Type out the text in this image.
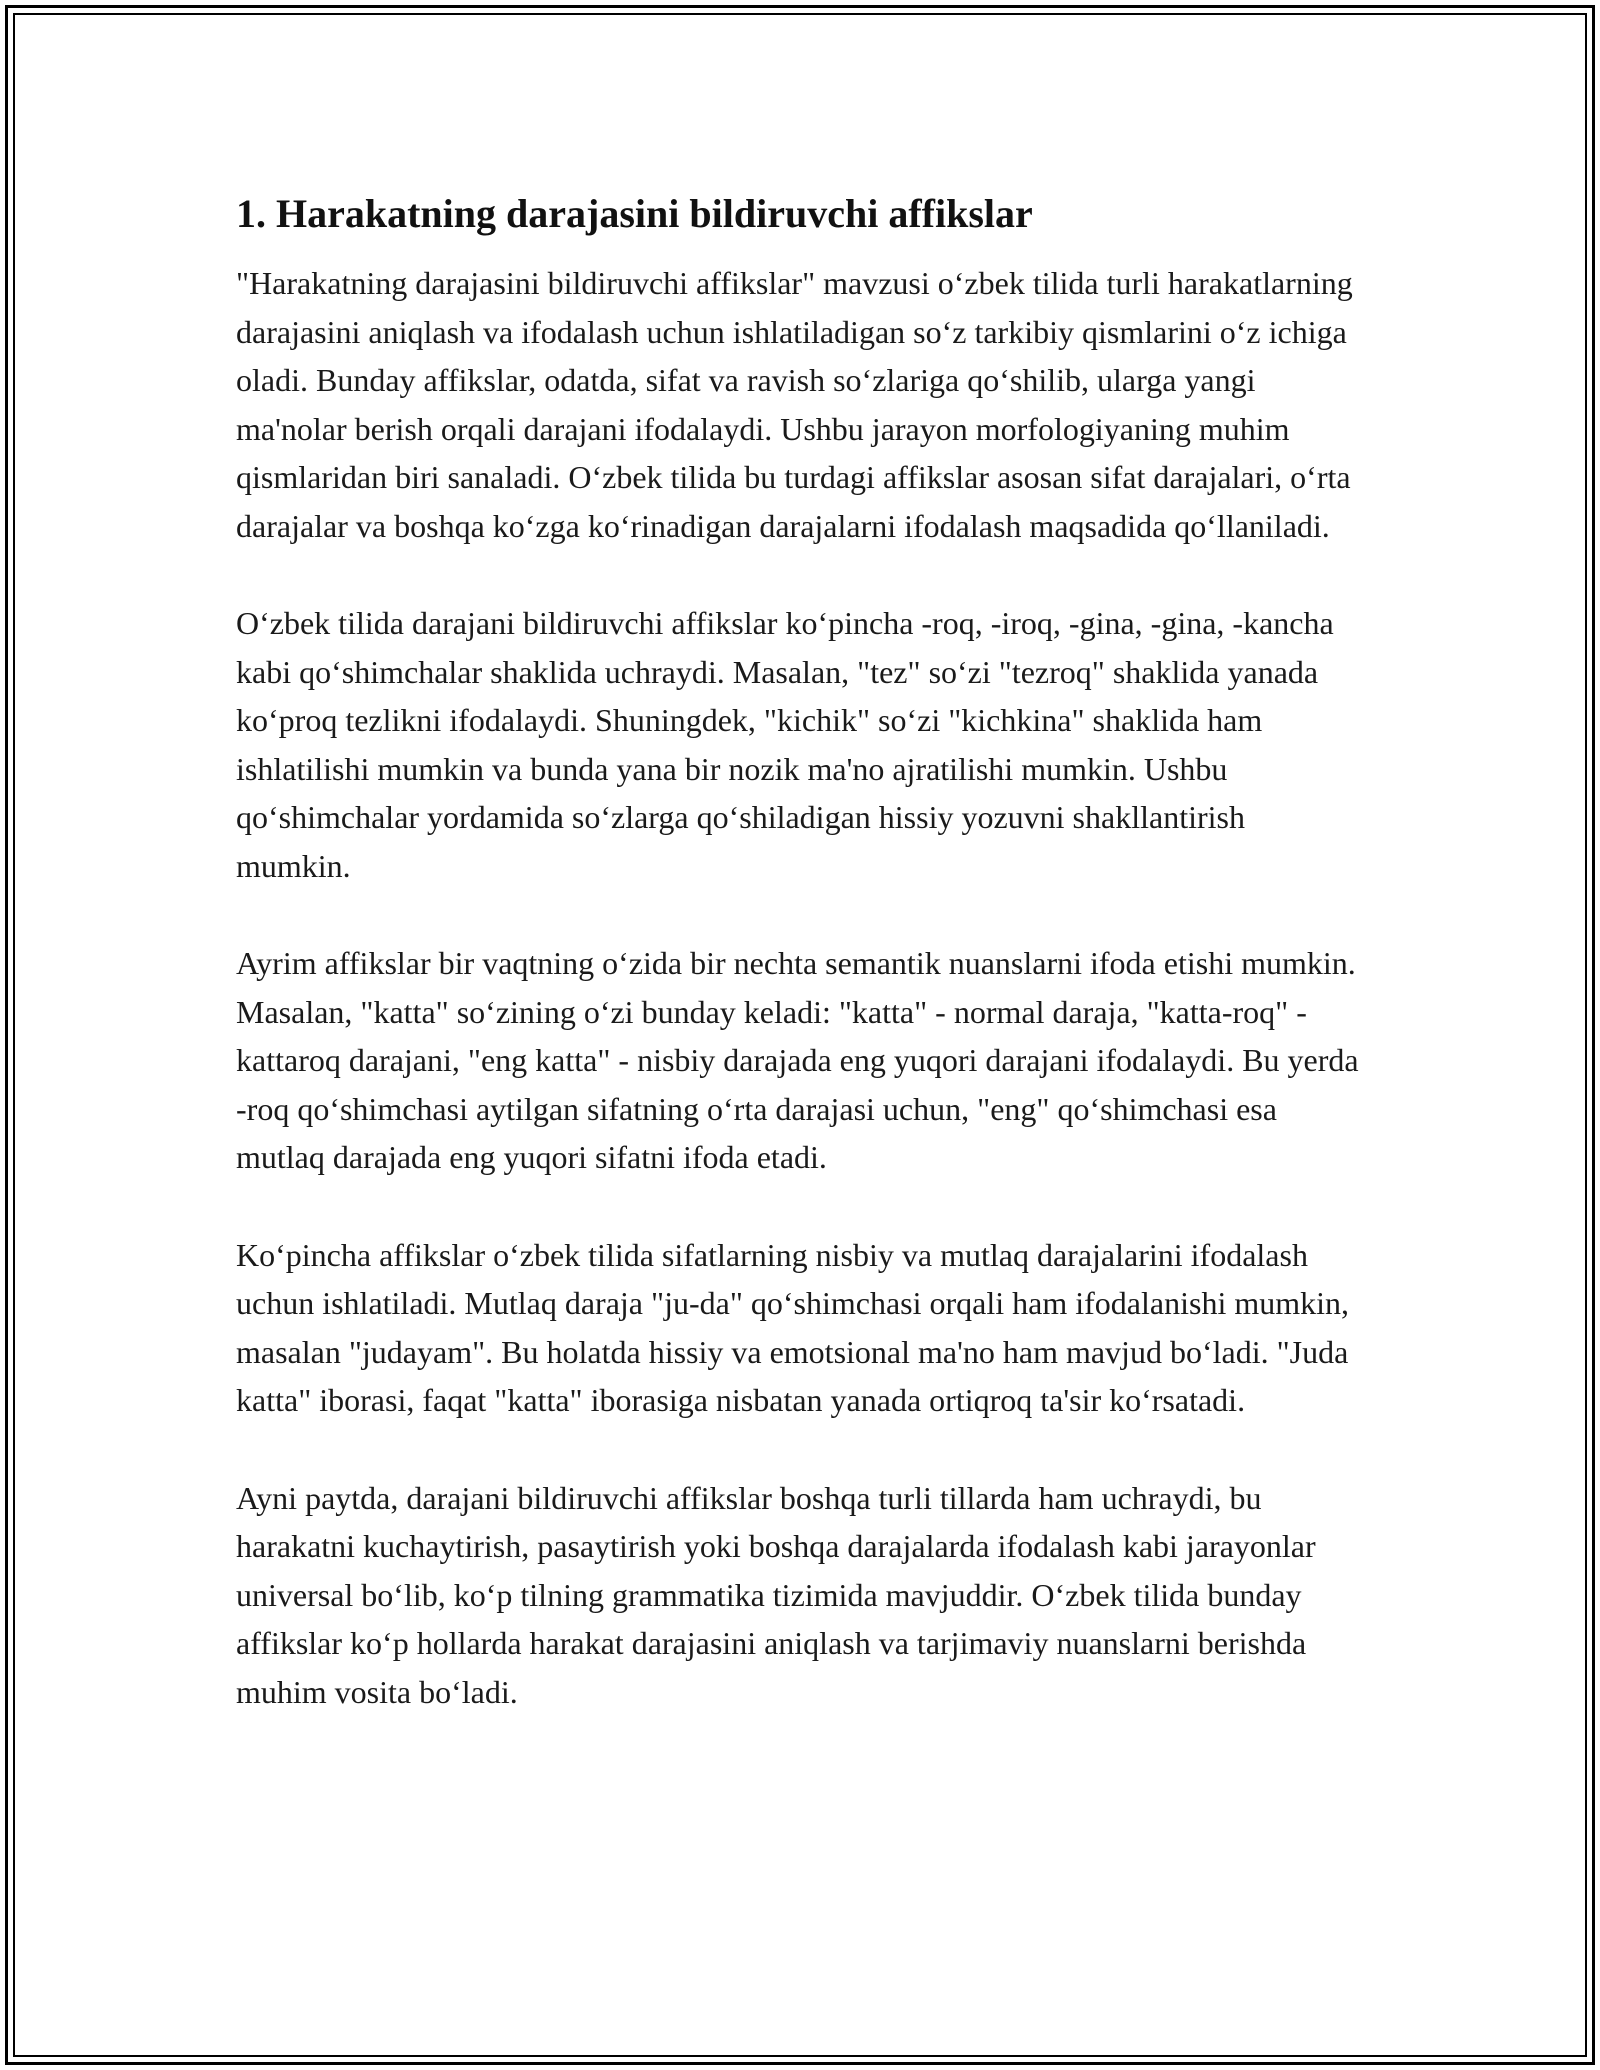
1. Harakatning darajasini bildiruvchi affikslar

"Harakatning darajasini bildiruvchi affikslar" mavzusi o‘zbek tilida turli harakatlarning darajasini aniqlash va ifodalash uchun ishlatiladigan so‘z tarkibiy qismlarini o‘z ichiga oladi. Bunday affikslar, odatda, sifat va ravish so‘zlariga qo‘shilib, ularga yangi ma'nolar berish orqali darajani ifodalaydi. Ushbu jarayon morfologiyaning muhim qismlaridan biri sanaladi. O‘zbek tilida bu turdagi affikslar asosan sifat darajalari, o‘rta darajalar va boshqa ko‘zga ko‘rinadigan darajalarni ifodalash maqsadida qo‘llaniladi.

O‘zbek tilida darajani bildiruvchi affikslar ko‘pincha -roq, -iroq, -gina, -gina, -kancha kabi qo‘shimchalar shaklida uchraydi. Masalan, "tez" so‘zi "tezroq" shaklida yanada ko‘proq tezlikni ifodalaydi. Shuningdek, "kichik" so‘zi "kichkina" shaklida ham ishlatilishi mumkin va bunda yana bir nozik ma'no ajratilishi mumkin. Ushbu qo‘shimchalar yordamida so‘zlarga qo‘shiladigan hissiy yozuvni shakllantirish mumkin.

Ayrim affikslar bir vaqtning o‘zida bir nechta semantik nuanslarni ifoda etishi mumkin. Masalan, "katta" so‘zining o‘zi bunday keladi: "katta" - normal daraja, "katta-roq" - kattaroq darajani, "eng katta" - nisbiy darajada eng yuqori darajani ifodalaydi. Bu yerda -roq qo‘shimchasi aytilgan sifatning o‘rta darajasi uchun, "eng" qo‘shimchasi esa mutlaq darajada eng yuqori sifatni ifoda etadi.

Ko‘pincha affikslar o‘zbek tilida sifatlarning nisbiy va mutlaq darajalarini ifodalash uchun ishlatiladi. Mutlaq daraja "ju-da" qo‘shimchasi orqali ham ifodalanishi mumkin, masalan "judayam". Bu holatda hissiy va emotsional ma'no ham mavjud bo‘ladi. "Juda katta" iborasi, faqat "katta" iborasiga nisbatan yanada ortiqroq ta'sir ko‘rsatadi.

Ayni paytda, darajani bildiruvchi affikslar boshqa turli tillarda ham uchraydi, bu harakatni kuchaytirish, pasaytirish yoki boshqa darajalarda ifodalash kabi jarayonlar universal bo‘lib, ko‘p tilning grammatika tizimida mavjuddir. O‘zbek tilida bunday affikslar ko‘p hollarda harakat darajasini aniqlash va tarjimaviy nuanslarni berishda muhim vosita bo‘ladi.
